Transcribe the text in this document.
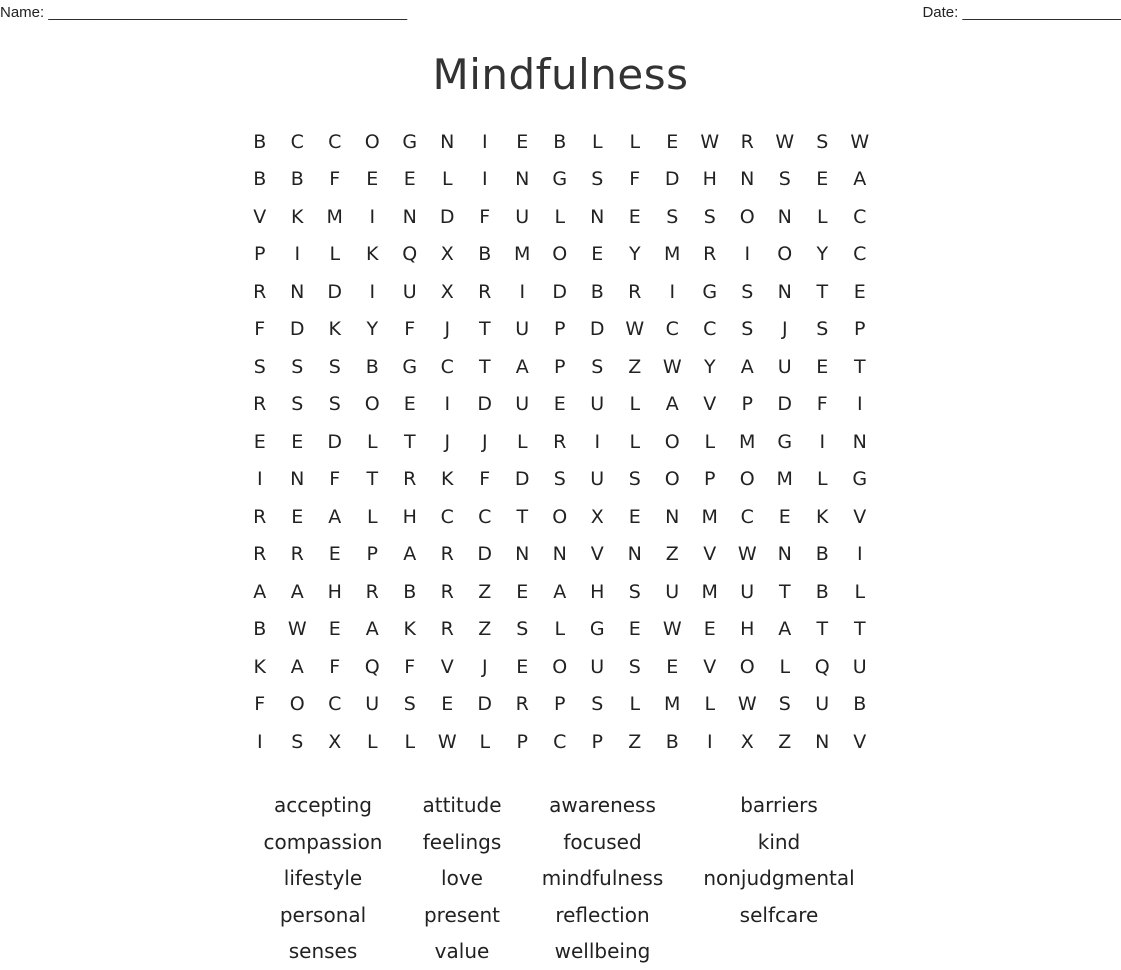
Name: ___________________________________________	Date: ___________________
Mindfulness
B	C	C	O	G	N	I	E	B	L	L	E	W	R	W	S	W
B	B	F	E	E	L	I	N	G	S	F	D	H	N	S	E	A
V	K	M	I	N	D	F	U	L	N	E	S	S	O	N	L	C
P	I	L	K	Q	X	B	M	O	E	Y	M	R	I	O	Y	C
R	N	D	I	U	X	R	I	D	B	R	I	G	S	N	T	E
F	D	K	Y	F	J	T	U	P	D	W	C	C	S	J	S	P
S	S	S	B	G	C	T	A	P	S	Z	W	Y	A	U	E	T
R	S	S	O	E	I	D	U	E	U	L	A	V	P	D	F	I
E	E	D	L	T	J	J	L	R	I	L	O	L	M	G	I	N
I	N	F	T	R	K	F	D	S	U	S	O	P	O	M	L	G
R	E	A	L	H	C	C	T	O	X	E	N	M	C	E	K	V
R	R	E	P	A	R	D	N	N	V	N	Z	V	W	N	B	I
A	A	H	R	B	R	Z	E	A	H	S	U	M	U	T	B	L
B	W	E	A	K	R	Z	S	L	G	E	W	E	H	A	T	T
K	A	F	Q	F	V	J	E	O	U	S	E	V	O	L	Q	U
F	O	C	U	S	E	D	R	P	S	L	M	L	W	S	U	B
I	S	X	L	L	W	L	P	C	P	Z	B	I	X	Z	N	V
accepting	attitude	awareness	barriers
compassion	feelings	focused	kind
lifestyle	love	mindfulness	nonjudgmental
personal	present	reflection	selfcare
senses	value	wellbeing
